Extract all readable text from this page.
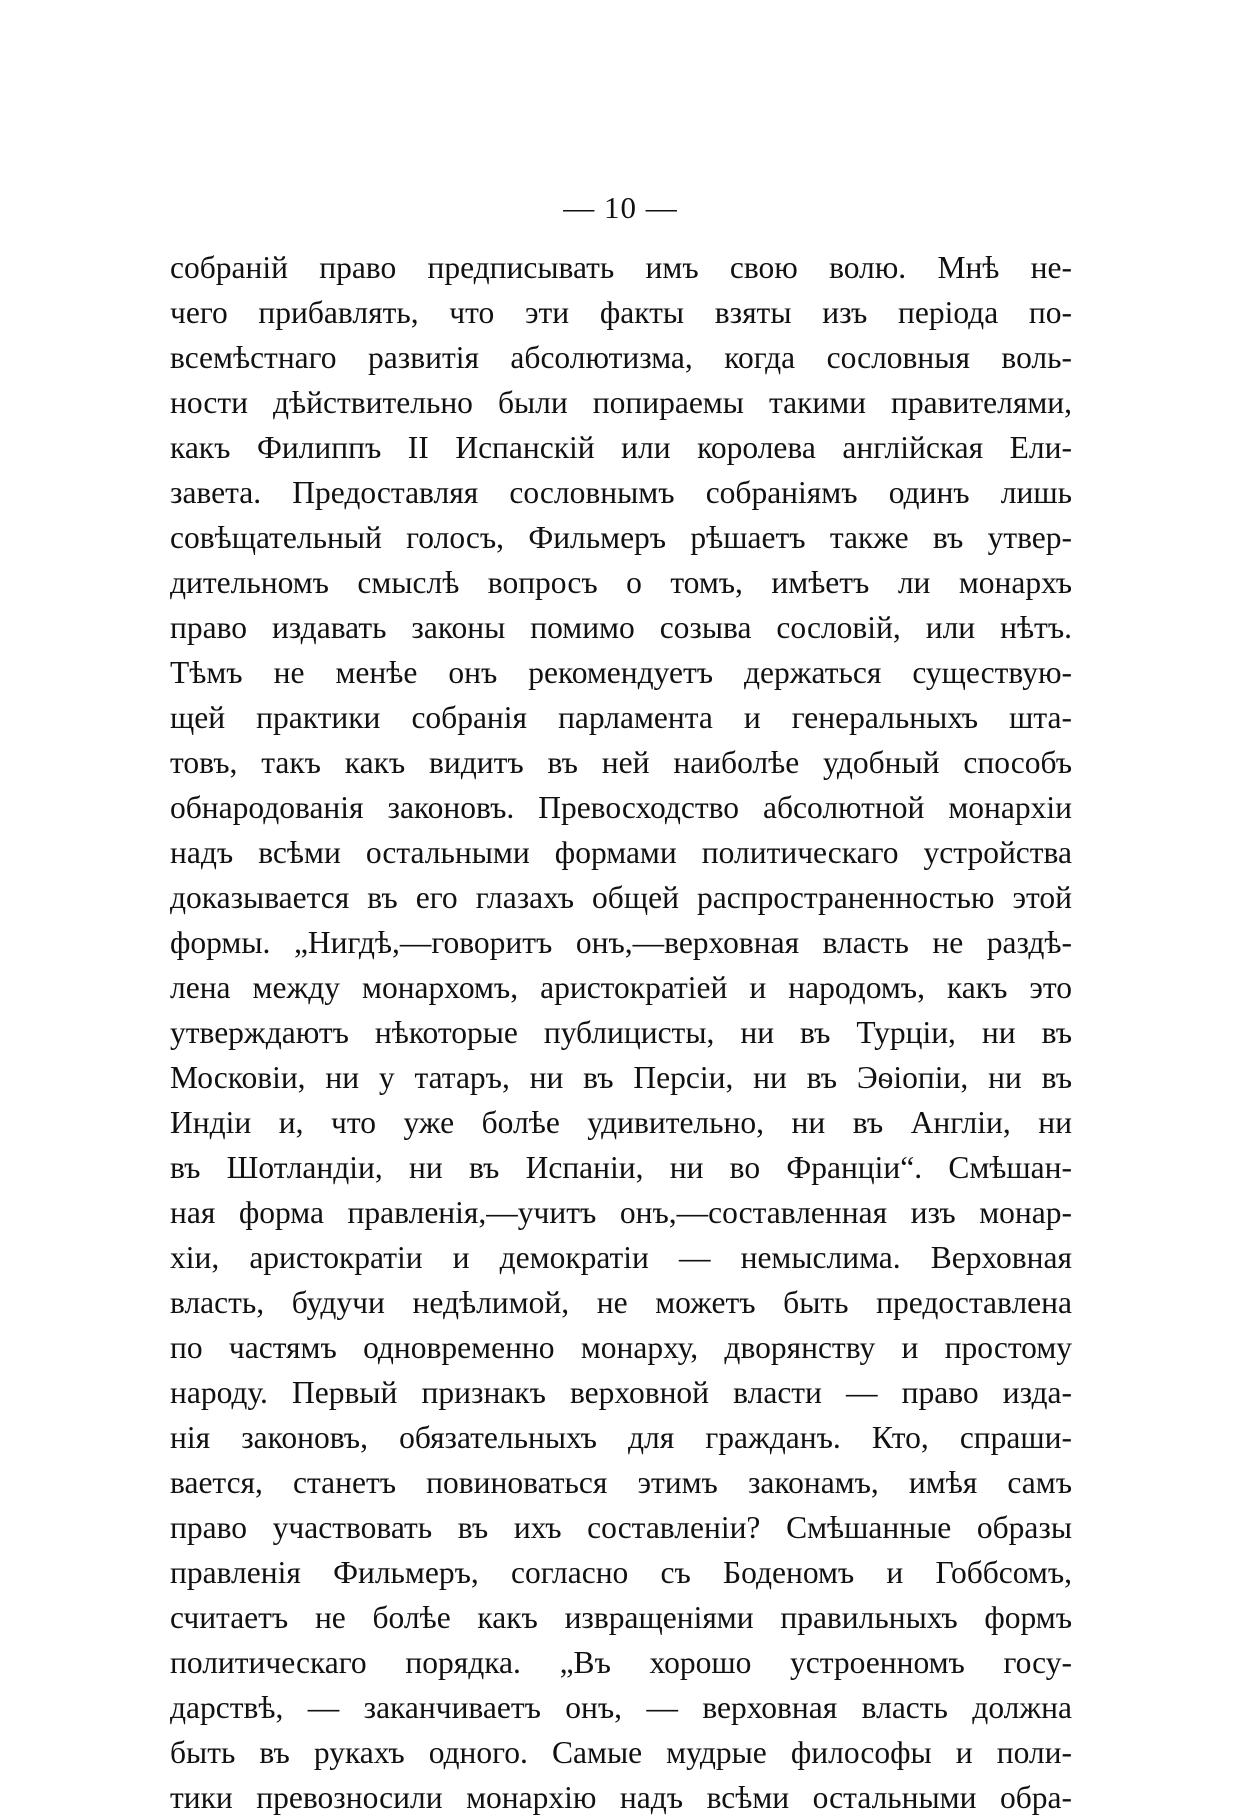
— 10 —
собраній право предписывать имъ свою волю. Мнѣ не-
чего прибавлять, что эти факты взяты изъ періода по-
всемѣстнаго развитія абсолютизма, когда сословныя воль-
ности дѣйствительно были попираемы такими правителями,
какъ Филиппъ II Испанскій или королева англійская Ели-
завета. Предоставляя сословнымъ собраніямъ одинъ лишь
совѣщательный голосъ, Фильмеръ рѣшаетъ также въ утвер-
дительномъ смыслѣ вопросъ о томъ, имѣетъ ли монархъ
право издавать законы помимо созыва сословій, или нѣтъ.
Тѣмъ не менѣе онъ рекомендуетъ держаться существую-
щей практики собранія парламента и генеральныхъ шта-
товъ, такъ какъ видитъ въ ней наиболѣе удобный способъ
обнародованія законовъ. Превосходство абсолютной монархіи
надъ всѣми остальными формами политическаго устройства
доказывается въ его глазахъ общей распространенностью этой
формы. „Нигдѣ,—говоритъ онъ,—верховная власть не раздѣ-
лена между монархомъ, аристократіей и народомъ, какъ это
утверждаютъ нѣкоторые публицисты, ни въ Турціи, ни въ
Московіи, ни у татаръ, ни въ Персіи, ни въ Эѳіопіи, ни въ
Индіи и, что уже болѣе удивительно, ни въ Англіи, ни
въ Шотландіи, ни въ Испаніи, ни во Франціи“. Смѣшан-
ная форма правленія,—учитъ онъ,—составленная изъ монар-
хіи, аристократіи и демократіи — немыслима. Верховная
власть, будучи недѣлимой, не можетъ быть предоставлена
по частямъ одновременно монарху, дворянству и простому
народу. Первый признакъ верховной власти — право изда-
нія законовъ, обязательныхъ для гражданъ. Кто, спраши-
вается, станетъ повиноваться этимъ законамъ, имѣя самъ
право участвовать въ ихъ составленіи? Смѣшанные образы
правленія Фильмеръ, согласно съ Боденомъ и Гоббсомъ,
считаетъ не болѣе какъ извращеніями правильныхъ формъ
политическаго порядка. „Въ хорошо устроенномъ госу-
дарствѣ, — заканчиваетъ онъ, — верховная власть должна
быть въ рукахъ одного. Самые мудрые философы и поли-
тики превозносили монархію надъ всѣми остальными обра-
